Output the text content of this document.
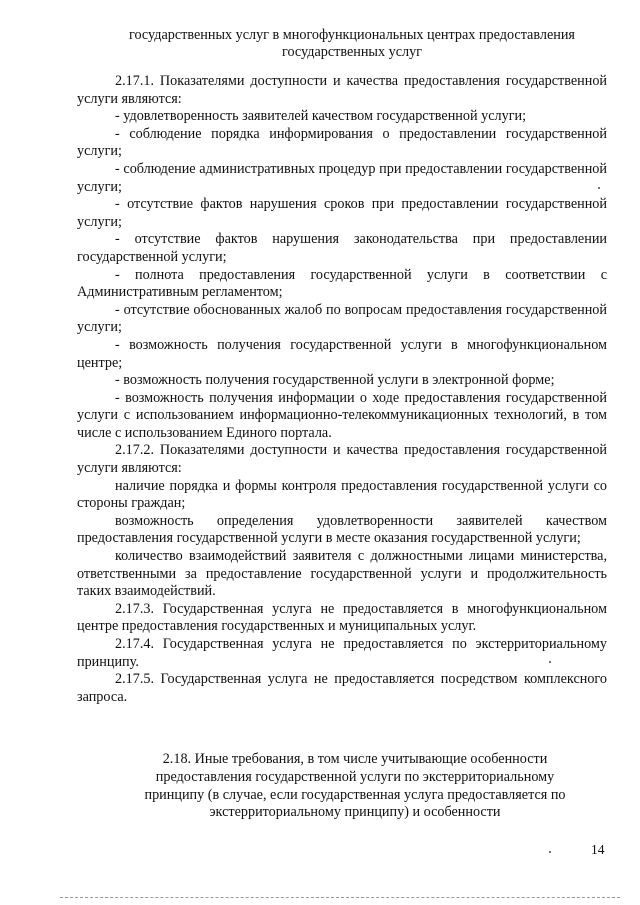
государственных услуг в многофункциональных центрах предоставления
государственных услуг

2.17.1. Показателями доступности и качества предоставления государственной услуги являются:

- удовлетворенность заявителей качеством государственной услуги;

- соблюдение порядка информирования о предоставлении государственной услуги;

- соблюдение административных процедур при предоставлении государственной услуги;

- отсутствие фактов нарушения сроков при предоставлении государственной услуги;

- отсутствие фактов нарушения законодательства при предоставлении государственной услуги;

- полнота предоставления государственной услуги в соответствии с Административным регламентом;

- отсутствие обоснованных жалоб по вопросам предоставления государственной услуги;

- возможность получения государственной услуги в многофункциональном центре;

- возможность получения государственной услуги в электронной форме;

- возможность получения информации о ходе предоставления государственной услуги с использованием информационно-телекоммуникационных технологий, в том числе с использованием Единого портала.

2.17.2. Показателями доступности и качества предоставления государственной услуги являются:

наличие порядка и формы контроля предоставления государственной услуги со стороны граждан;

возможность определения удовлетворенности заявителей качеством предоставления государственной услуги в месте оказания государственной услуги;

количество взаимодействий заявителя с должностными лицами министерства, ответственными за предоставление государственной услуги и продолжительность таких взаимодействий.

2.17.3. Государственная услуга не предоставляется в многофункциональном центре предоставления государственных и муниципальных услуг.

2.17.4. Государственная услуга не предоставляется по экстерриториальному принципу.

2.17.5. Государственная услуга не предоставляется посредством комплексного запроса.

2.18. Иные требования, в том числе учитывающие особенности

предоставления государственной услуги по экстерриториальному

принципу (в случае, если государственная услуга предоставляется по

экстерриториальному принципу) и особенности

14
